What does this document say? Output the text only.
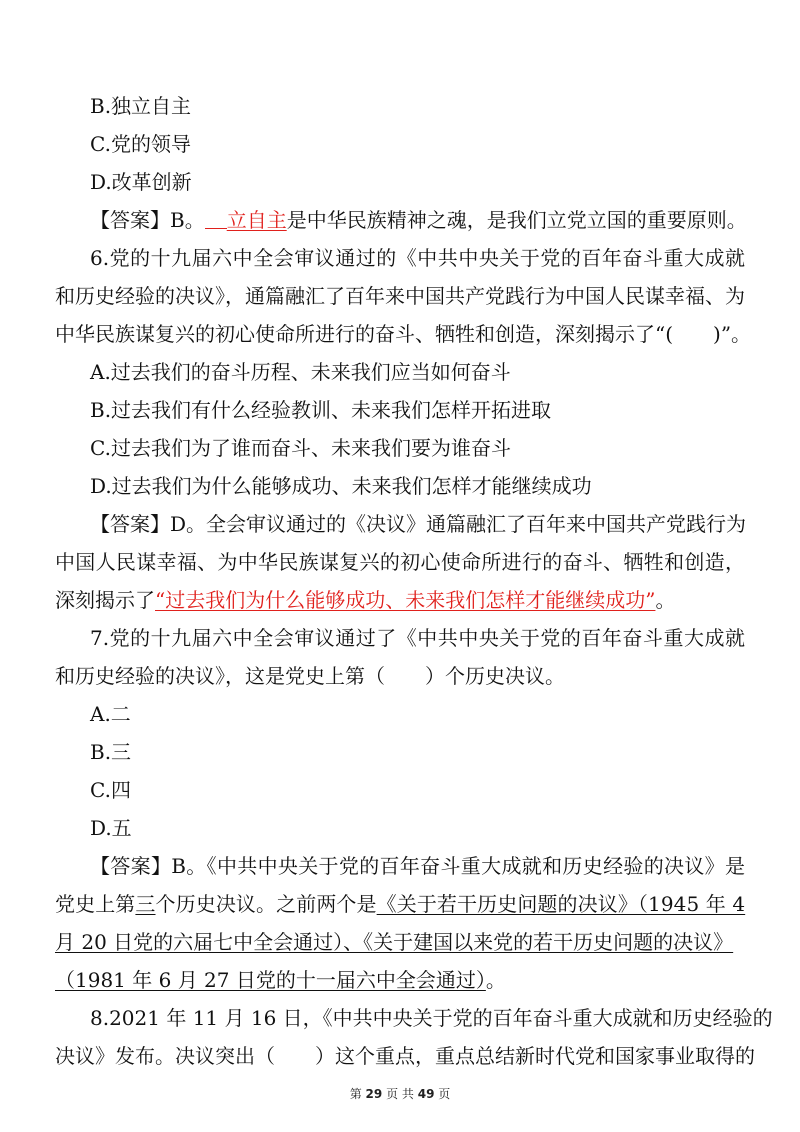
B.独立自主
C.党的领导
D.改革创新
【答案】B。 立自主是中华民族精神之魂，是我们立党立国的重要原则。
6.党的十九届六中全会审议通过的《中共中央关于党的百年奋斗重大成就
和历史经验的决议》，通篇融汇了百年来中国共产党践行为中国人民谋幸福、为
中华民族谋复兴的初心使命所进行的奋斗、牺牲和创造，深刻揭示了“(　　)”。
A.过去我们的奋斗历程、未来我们应当如何奋斗
B.过去我们有什么经验教训、未来我们怎样开拓进取
C.过去我们为了谁而奋斗、未来我们要为谁奋斗
D.过去我们为什么能够成功、未来我们怎样才能继续成功
【答案】D。全会审议通过的《决议》通篇融汇了百年来中国共产党践行为
中国人民谋幸福、为中华民族谋复兴的初心使命所进行的奋斗、牺牲和创造，
深刻揭示了“过去我们为什么能够成功、未来我们怎样才能继续成功”。
7.党的十九届六中全会审议通过了《中共中央关于党的百年奋斗重大成就
和历史经验的决议》，这是党史上第（　　）个历史决议。
A.二
B.三
C.四
D.五
【答案】B。《中共中央关于党的百年奋斗重大成就和历史经验的决议》是
党史上第三个历史决议。之前两个是《关于若干历史问题的决议》（1945 年 4
月 20 日党的六届七中全会通过）、《关于建国以来党的若干历史问题的决议》
（1981 年 6 月 27 日党的十一届六中全会通过）。
8.2021 年 11 月 16 日，《中共中央关于党的百年奋斗重大成就和历史经验的
决议》发布。决议突出（　　）这个重点，重点总结新时代党和国家事业取得的
第 29 页 共 49 页
